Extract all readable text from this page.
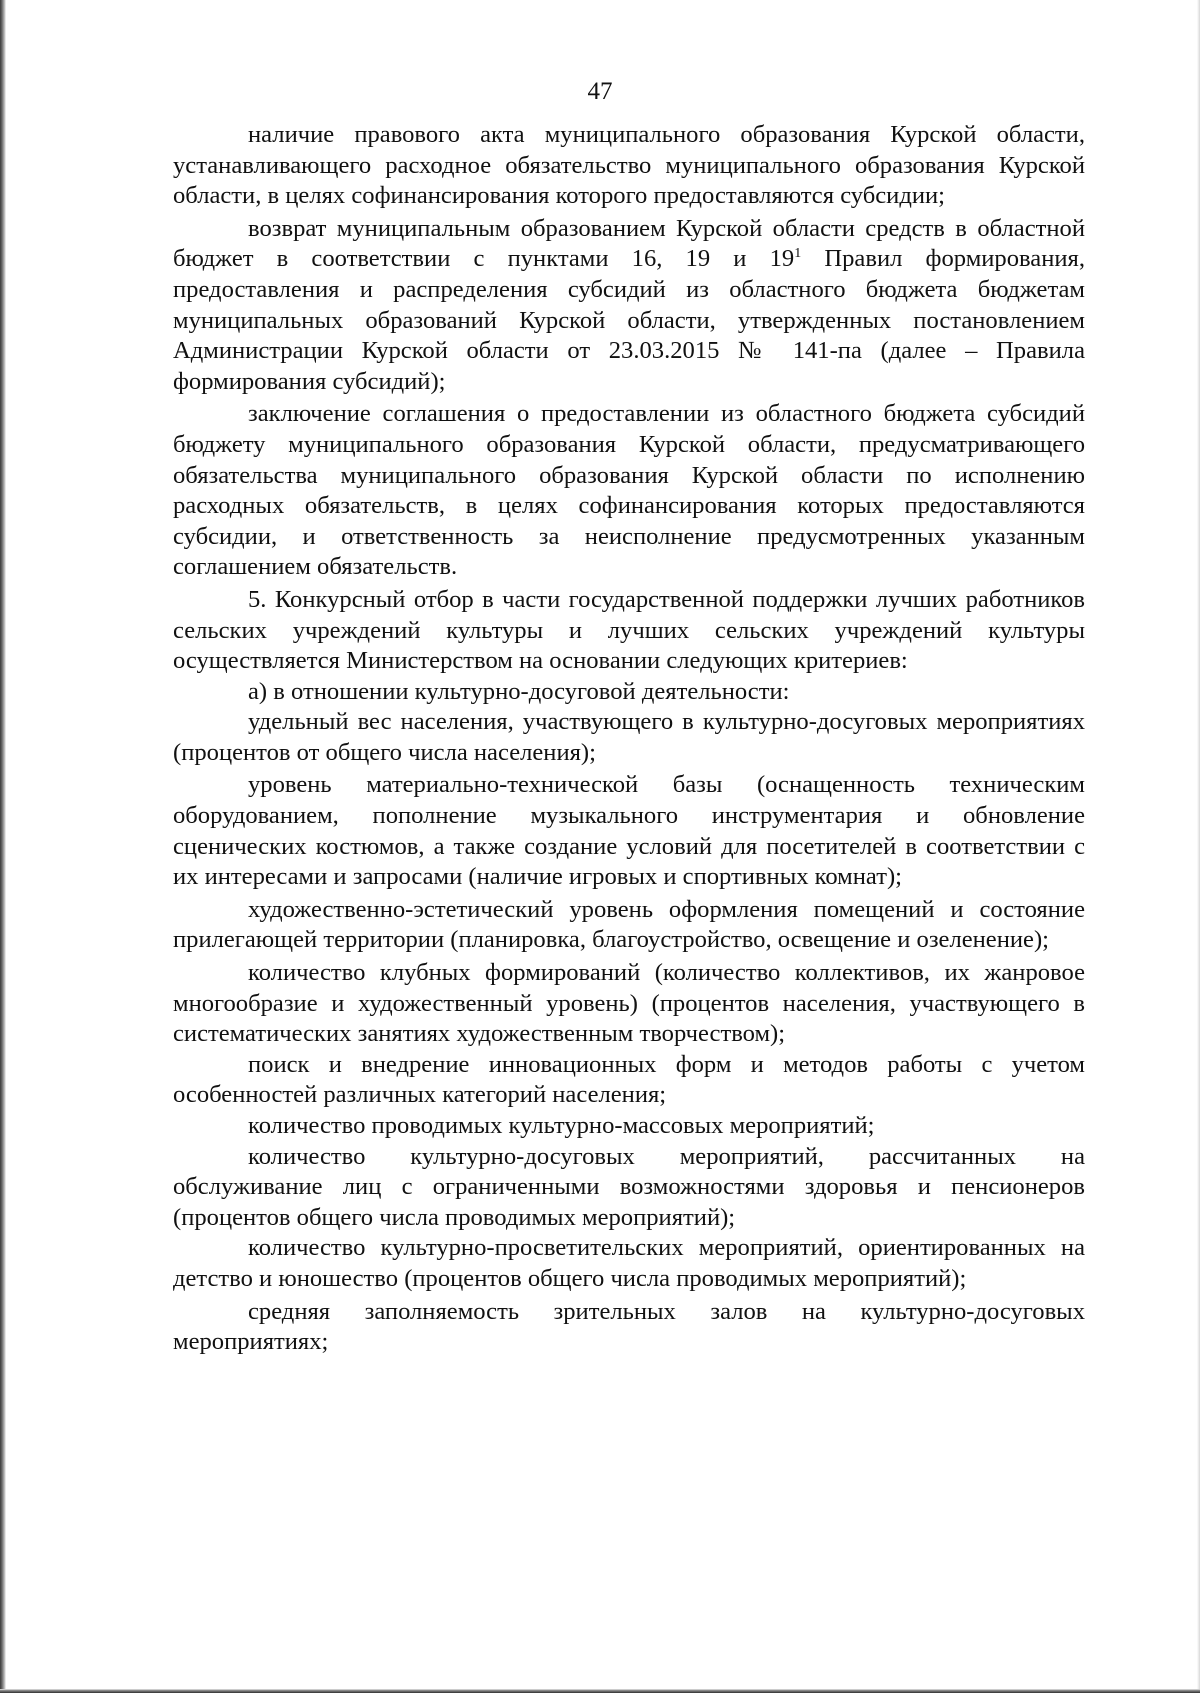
47

наличие правового акта муниципального образования Курской области, устанавливающего расходное обязательство муниципального образования Курской области, в целях софинансирования которого предоставляются субсидии;

возврат муниципальным образованием Курской области средств в областной бюджет в соответствии с пунктами 16, 19 и $19^1$ Правил формирования, предоставления и распределения субсидий из областного бюджета бюджетам муниципальных образований Курской области, утвержденных постановлением Администрации Курской области от 23.03.2015 № 141-па (далее – Правила формирования субсидий);

заключение соглашения о предоставлении из областного бюджета субсидий бюджету муниципального образования Курской области, предусматривающего обязательства муниципального образования Курской области по исполнению расходных обязательств, в целях софинансирования которых предоставляются субсидии, и ответственность за неисполнение предусмотренных указанным соглашением обязательств.

5. Конкурсный отбор в части государственной поддержки лучших работников сельских учреждений культуры и лучших сельских учреждений культуры осуществляется Министерством на основании следующих критериев:

а) в отношении культурно-досуговой деятельности:

удельный вес населения, участвующего в культурно-досуговых мероприятиях (процентов от общего числа населения);

уровень материально-технической базы (оснащенность техническим оборудованием, пополнение музыкального инструментария и обновление сценических костюмов, а также создание условий для посетителей в соответствии с их интересами и запросами (наличие игровых и спортивных комнат);

художественно-эстетический уровень оформления помещений и состояние прилегающей территории (планировка, благоустройство, освещение и озеленение);

количество клубных формирований (количество коллективов, их жанровое многообразие и художественный уровень) (процентов населения, участвующего в систематических занятиях художественным творчеством);

поиск и внедрение инновационных форм и методов работы с учетом особенностей различных категорий населения;

количество проводимых культурно-массовых мероприятий;

количество культурно-досуговых мероприятий, рассчитанных на обслуживание лиц с ограниченными возможностями здоровья и пенсионеров (процентов общего числа проводимых мероприятий);

количество культурно-просветительских мероприятий, ориентированных на детство и юношество (процентов общего числа проводимых мероприятий);

средняя заполняемость зрительных залов на культурно-досуговых мероприятиях;
